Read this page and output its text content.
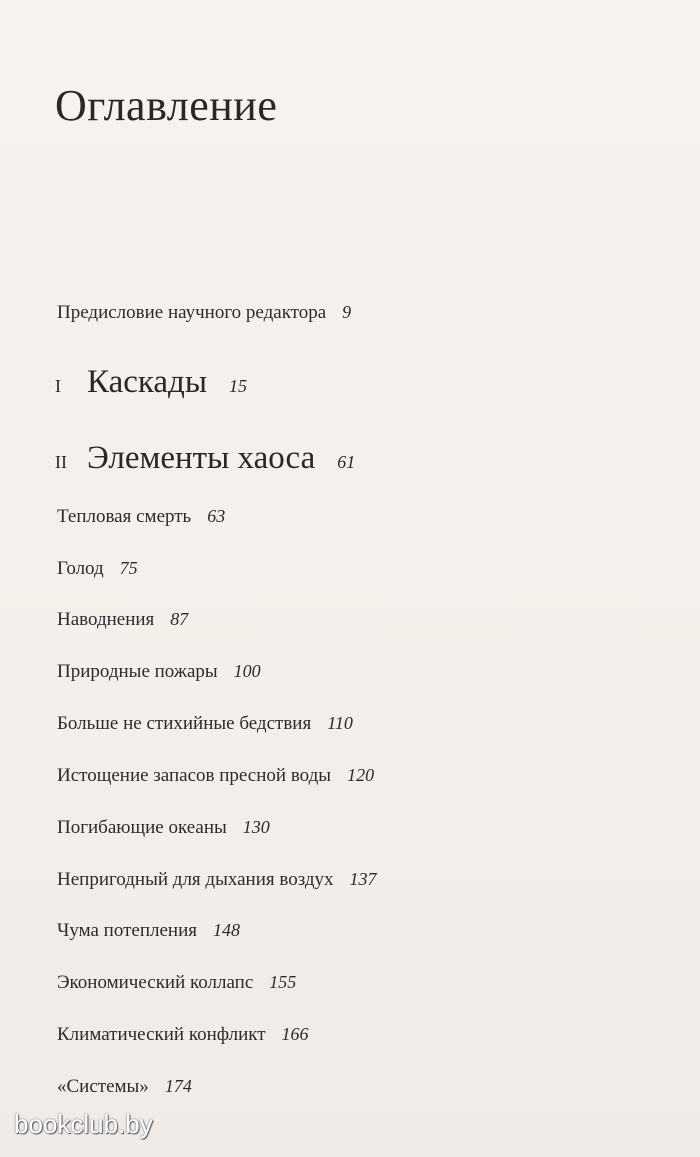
Оглавление
Предисловие научного редактора 9
I Каскады 15
II Элементы хаоса 61
Тепловая смерть 63
Голод 75
Наводнения 87
Природные пожары 100
Больше не стихийные бедствия 110
Истощение запасов пресной воды 120
Погибающие океаны 130
Непригодный для дыхания воздух 137
Чума потепления 148
Экономический коллапс 155
Климатический конфликт 166
«Системы» 174
bookclub.by
